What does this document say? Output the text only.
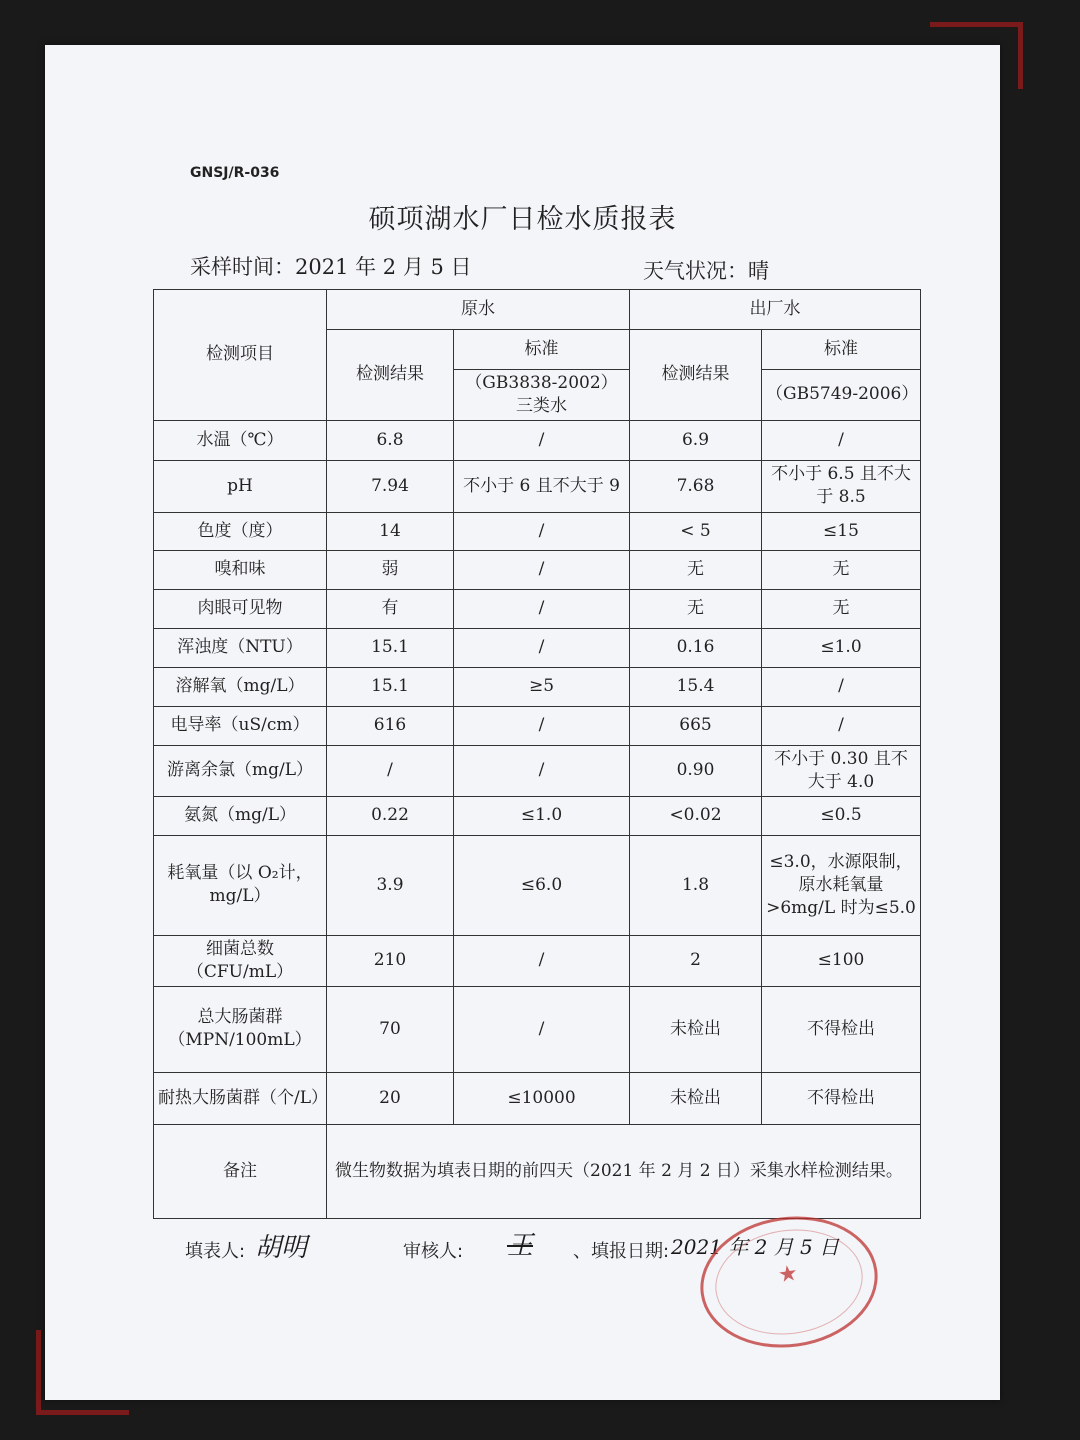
GNSJ/R-036
硕项湖水厂日检水质报表
采样时间：2021 年 2 月 5 日	天气状况：晴
检测项目	原水		出厂水	
	检测结果	标准	检测结果	标准
		（GB3838-2002）三类水		（GB5749-2006）
水温（℃）	6.8	/	6.9	/
pH	7.94	不小于 6 且不大于 9	7.68	不小于 6.5 且不大于 8.5
色度（度）	14	/	< 5	≤15
嗅和味	弱	/	无	无
肉眼可见物	有	/	无	无
浑浊度（NTU）	15.1	/	0.16	≤1.0
溶解氧（mg/L）	15.1	≥5	15.4	/
电导率（uS/cm）	616	/	665	/
游离余氯（mg/L）	/	/	0.90	不小于 0.30 且不大于 4.0
氨氮（mg/L）	0.22	≤1.0	<0.02	≤0.5
耗氧量（以 O₂计，mg/L）	3.9	≤6.0	1.8	≤3.0，水源限制，原水耗氧量>6mg/L 时为≤5.0
细菌总数（CFU/mL）	210	/	2	≤100
总大肠菌群（MPN/100mL）	70	/	未检出	不得检出
耐热大肠菌群（个/L）	20	≤10000	未检出	不得检出
备注	微生物数据为填表日期的前四天（2021 年 2 月 2 日）采集水样检测结果。			
填表人: 胡明	审核人: 王 、填报日期: 2021 年 2 月 5 日
★
